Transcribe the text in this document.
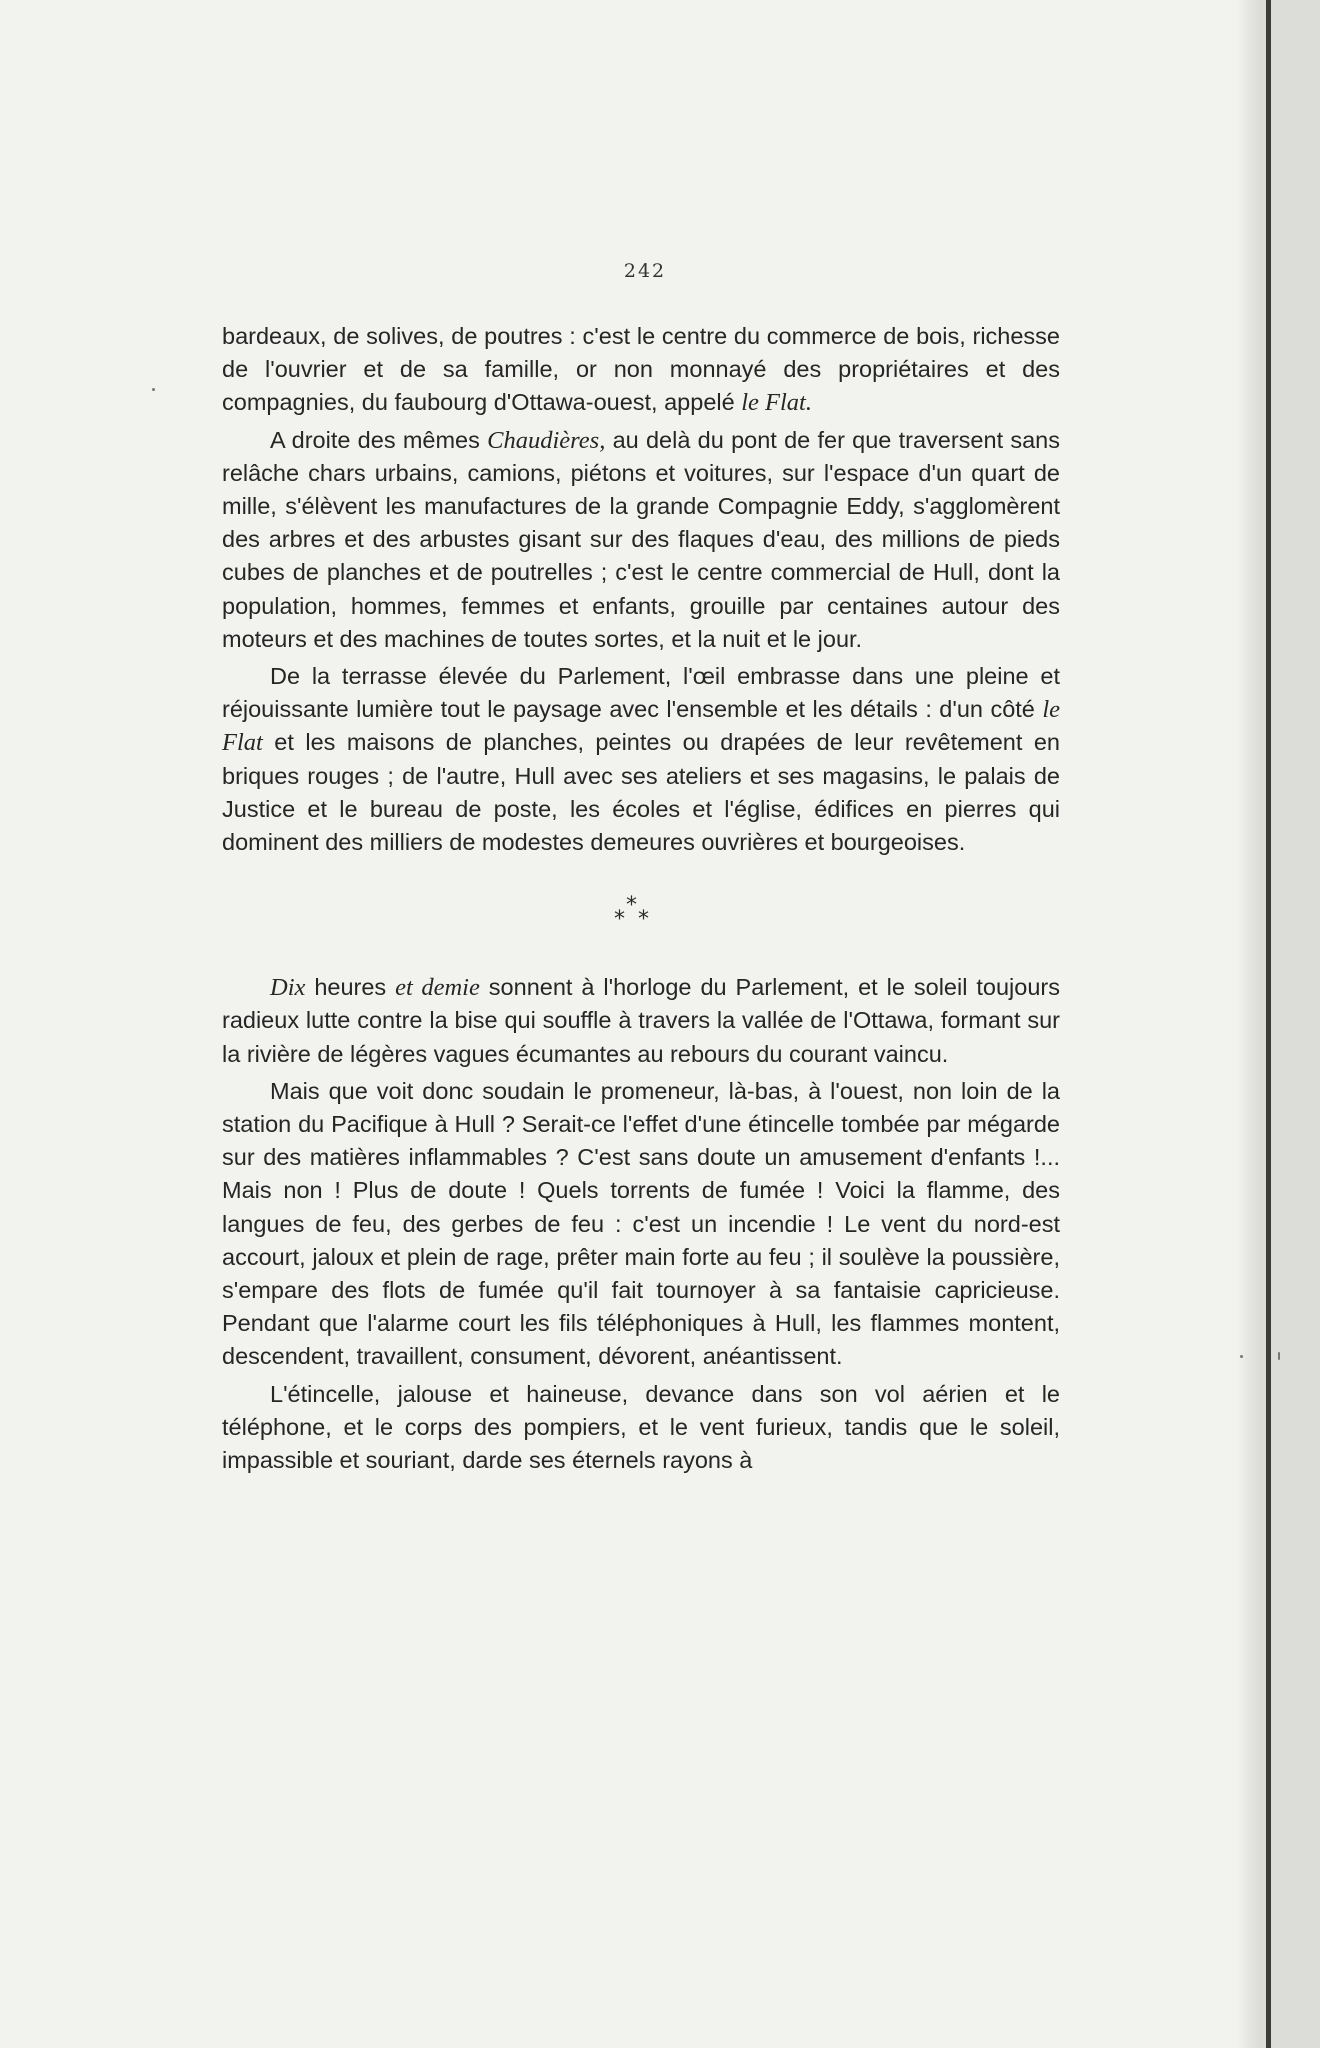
242

bardeaux, de solives, de poutres : c'est le centre du commerce de bois, richesse de l'ouvrier et de sa famille, or non monnayé des propriétaires et des compagnies, du faubourg d'Ottawa-ouest, appelé le Flat.

A droite des mêmes Chaudières, au delà du pont de fer que traversent sans relâche chars urbains, camions, piétons et voitures, sur l'espace d'un quart de mille, s'élèvent les manufactures de la grande Compagnie Eddy, s'agglomèrent des arbres et des arbustes gisant sur des flaques d'eau, des millions de pieds cubes de planches et de poutrelles ; c'est le centre commercial de Hull, dont la population, hommes, femmes et enfants, grouille par centaines autour des moteurs et des machines de toutes sortes, et la nuit et le jour.

De la terrasse élevée du Parlement, l'œil embrasse dans une pleine et réjouissante lumière tout le paysage avec l'ensemble et les détails : d'un côté le Flat et les maisons de planches, peintes ou drapées de leur revêtement en briques rouges ; de l'autre, Hull avec ses ateliers et ses magasins, le palais de Justice et le bureau de poste, les écoles et l'église, édifices en pierres qui dominent des milliers de modestes demeures ouvrières et bourgeoises.

*
* *

Dix heures et demie sonnent à l'horloge du Parlement, et le soleil toujours radieux lutte contre la bise qui souffle à travers la vallée de l'Ottawa, formant sur la rivière de légères vagues écumantes au rebours du courant vaincu.

Mais que voit donc soudain le promeneur, là-bas, à l'ouest, non loin de la station du Pacifique à Hull ? Serait-ce l'effet d'une étincelle tombée par mégarde sur des matières inflammables ? C'est sans doute un amusement d'enfants !... Mais non ! Plus de doute ! Quels torrents de fumée ! Voici la flamme, des langues de feu, des gerbes de feu : c'est un incendie ! Le vent du nord-est accourt, jaloux et plein de rage, prêter main forte au feu ; il soulève la poussière, s'empare des flots de fumée qu'il fait tournoyer à sa fantaisie capricieuse. Pendant que l'alarme court les fils téléphoniques à Hull, les flammes montent, descendent, travaillent, consument, dévorent, anéantissent.

L'étincelle, jalouse et haineuse, devance dans son vol aérien et le téléphone, et le corps des pompiers, et le vent furieux, tandis que le soleil, impassible et souriant, darde ses éternels rayons à
